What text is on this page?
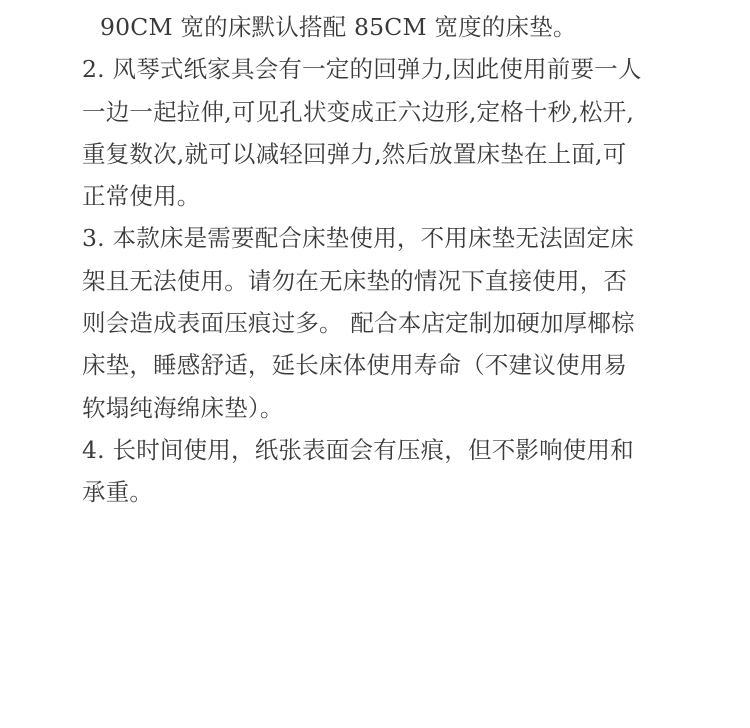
90CM 宽的床默认搭配 85CM 宽度的床垫。
2. 风琴式纸家具会有一定的回弹力,因此使用前要一人
一边一起拉伸,可见孔状变成正六边形,定格十秒,松开,
重复数次,就可以减轻回弹力,然后放置床垫在上面,可
正常使用。
3. 本款床是需要配合床垫使用，不用床垫无法固定床
架且无法使用。请勿在无床垫的情况下直接使用，否
则会造成表面压痕过多。 配合本店定制加硬加厚椰棕
床垫，睡感舒适，延长床体使用寿命（不建议使用易
软塌纯海绵床垫）。
4. 长时间使用，纸张表面会有压痕，但不影响使用和
承重。
